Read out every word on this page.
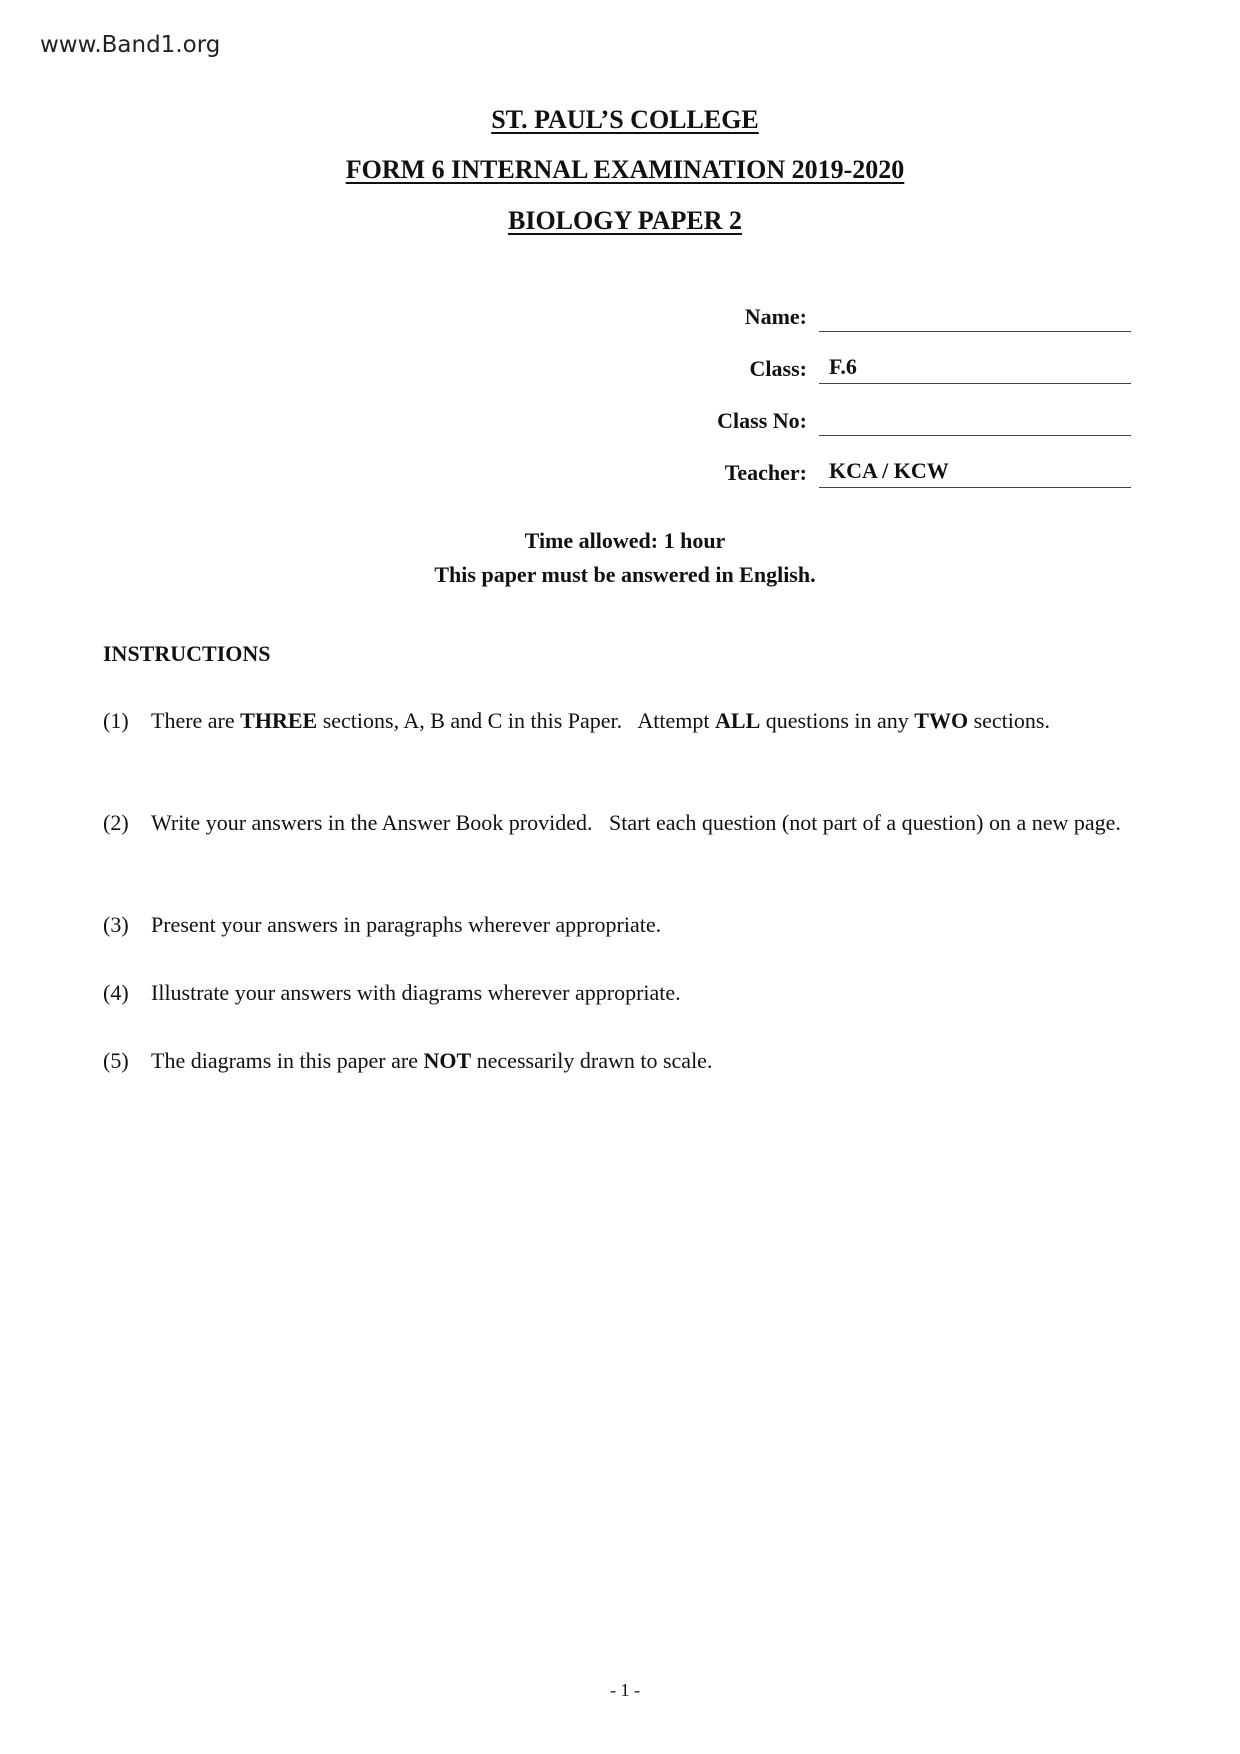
www.Band1.org
ST. PAUL’S COLLEGE
FORM 6 INTERNAL EXAMINATION 2019-2020
BIOLOGY PAPER 2
Name:
Class:	F.6
Class No:
Teacher:	KCA / KCW
Time allowed: 1 hour
This paper must be answered in English.
INSTRUCTIONS
(1) There are THREE sections, A, B and C in this Paper.   Attempt ALL questions in any TWO sections.
(2) Write your answers in the Answer Book provided.   Start each question (not part of a question) on a new page.
(3) Present your answers in paragraphs wherever appropriate.
(4) Illustrate your answers with diagrams wherever appropriate.
(5) The diagrams in this paper are NOT necessarily drawn to scale.
- 1 -
